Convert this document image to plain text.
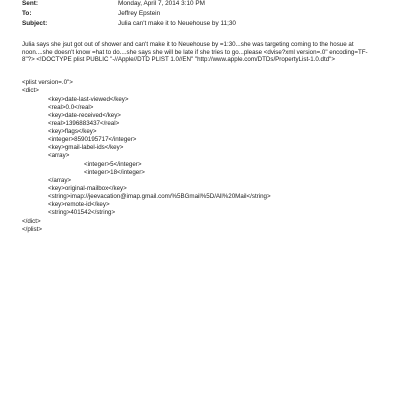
Sent:	Monday, April 7, 2014 3:10 PM
To:	Jeffrey Epstein
Subject:	Julia can't make it to Neuehouse by 11;30
Julia says she jsut got out of shower and can't make it to Neuehouse by =1:30...she was targeting coming to the hosue at noon....she doesn't know =hat to do....she says she will be late if she tries to go...please <dvise?xml version=.0" encoding=TF-8"?> <!DOCTYPE plist PUBLIC "-//Apple//DTD PLIST 1.0//EN" "http://www.apple.com/DTDs/PropertyList-1.0.dtd">
<plist version=.0">
<dict>
<key>date-last-viewed</key>
<real>0.0</real>
<key>date-received</key>
<real>1396883437</real>
<key>flags</key>
<integer>8590195717</integer>
<key>gmail-label-ids</key>
<array>
<integer>5</integer>
<integer>18</integer>
</array>
<key>original-mailbox</key>
<string>imap://jeevacation@imap.gmail.com/%5BGmail%5D/All%20Mail</string>
<key>remote-id</key>
<string>401542</string>
</dict>
</plist>
